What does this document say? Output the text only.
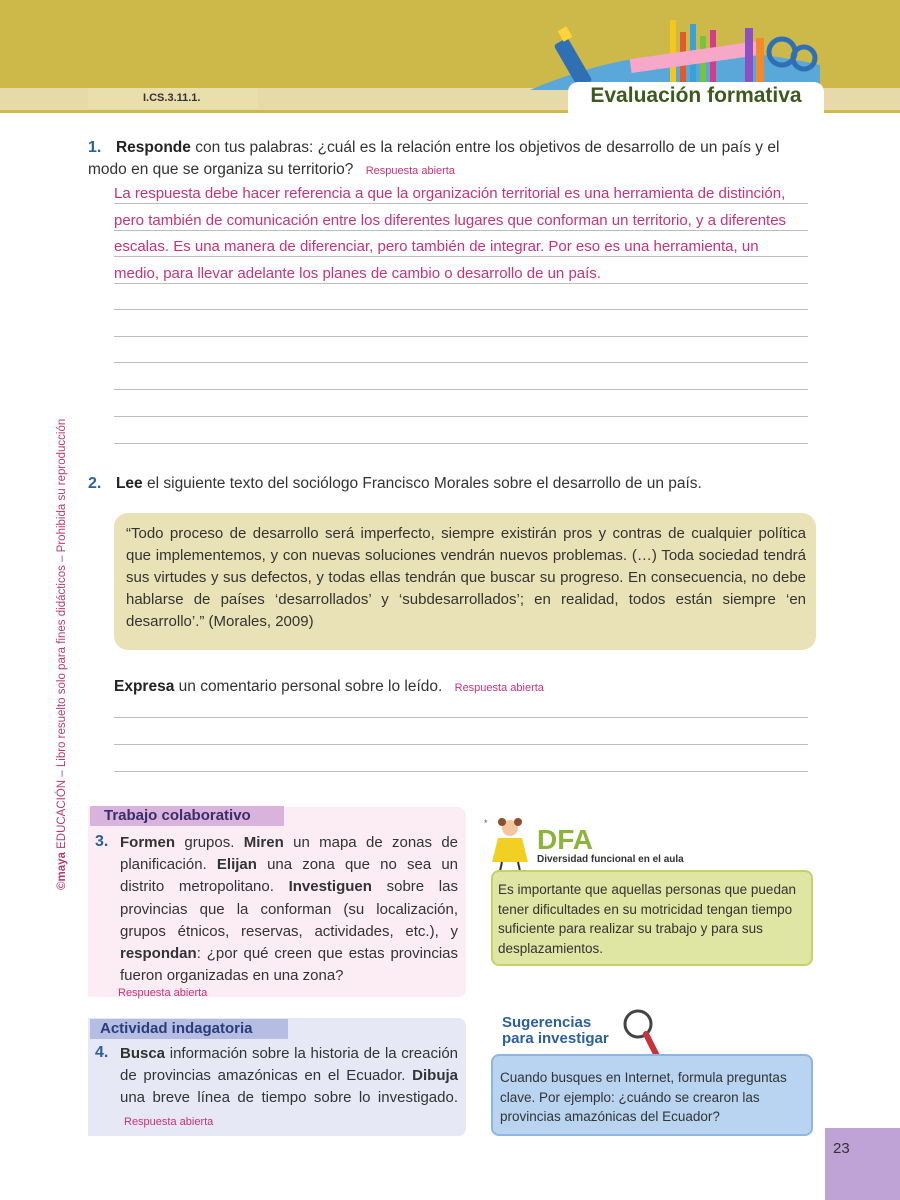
I.CS.3.11.1.	Evaluación formativa
©maya EDUCACIÓN – Libro resuelto solo para fines didácticos – Prohibida su reproducción
1. Responde con tus palabras: ¿cuál es la relación entre los objetivos de desarrollo de un país y el modo en que se organiza su territorio? Respuesta abierta
La respuesta debe hacer referencia a que la organización territorial es una herramienta de distinción,
pero también de comunicación entre los diferentes lugares que conforman un territorio, y a diferentes
escalas. Es una manera de diferenciar, pero también de integrar. Por eso es una herramienta, un
medio, para llevar adelante los planes de cambio o desarrollo de un país.
2. Lee el siguiente texto del sociólogo Francisco Morales sobre el desarrollo de un país.
“Todo proceso de desarrollo será imperfecto, siempre existirán pros y contras de cualquier política que implementemos, y con nuevas soluciones vendrán nuevos problemas. (…) Toda sociedad tendrá sus virtudes y sus defectos, y todas ellas tendrán que buscar su progreso. En consecuencia, no debe hablarse de países ‘desarrollados’ y ‘subdesarrollados’; en realidad, todos están siempre ‘en desarrollo’.” (Morales, 2009)
Expresa un comentario personal sobre lo leído. Respuesta abierta
Trabajo colaborativo
3. Formen grupos. Miren un mapa de zonas de planificación. Elijan una zona que no sea un distrito metropolitano. Investiguen sobre las provincias que la conforman (su localización, grupos étnicos, reservas, actividades, etc.), y respondan: ¿por qué creen que estas provincias fueron organizadas en una zona?
Respuesta abierta
Actividad indagatoria
4. Busca información sobre la historia de la creación de provincias amazónicas en el Ecuador. Dibuja una breve línea de tiempo sobre lo investigado. Respuesta abierta
*
DFA
Diversidad funcional en el aula
Es importante que aquellas personas que puedan tener dificultades en su motricidad tengan tiempo suficiente para realizar su trabajo y para sus desplazamientos.
Sugerencias
para investigar
Cuando busques en Internet, formula preguntas clave. Por ejemplo: ¿cuándo se crearon las provincias amazónicas del Ecuador?
23
